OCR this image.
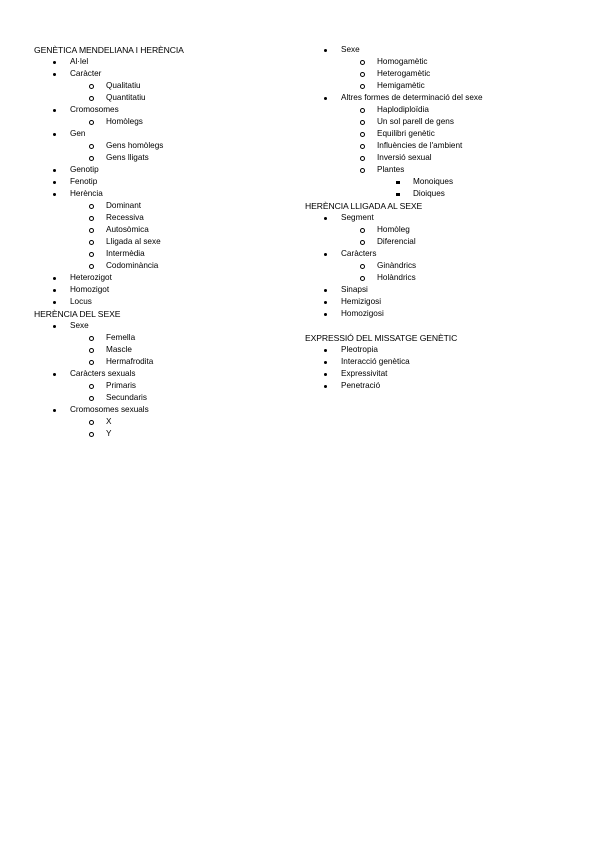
GENÈTICA MENDELIANA I HERÈNCIA
Al·lel
Caràcter
Qualitatiu
Quantitatiu
Cromosomes
Homòlegs
Gen
Gens homòlegs
Gens lligats
Genotip
Fenotip
Herència
Dominant
Recessiva
Autosòmica
Lligada al sexe
Intermèdia
Codominància
Heterozigot
Homozigot
Locus
HERÈNCIA DEL SEXE
Sexe
Femella
Mascle
Hermafrodita
Caràcters sexuals
Primaris
Secundaris
Cromosomes sexuals
X
Y
Sexe
Homogamètic
Heterogamètic
Hemigamètic
Altres formes de determinació del sexe
Haplodiploïdia
Un sol parell de gens
Equilibri genètic
Influències de l'ambient
Inversió sexual
Plantes
Monoiques
Dioiques
HERÈNCIA LLIGADA AL SEXE
Segment
Homòleg
Diferencial
Caràcters
Ginàndrics
Holàndrics
Sinapsi
Hemizigosi
Homozigosi
EXPRESSIÓ DEL MISSATGE GENÈTIC
Pleotropia
Interacció genètica
Expressivitat
Penetració
